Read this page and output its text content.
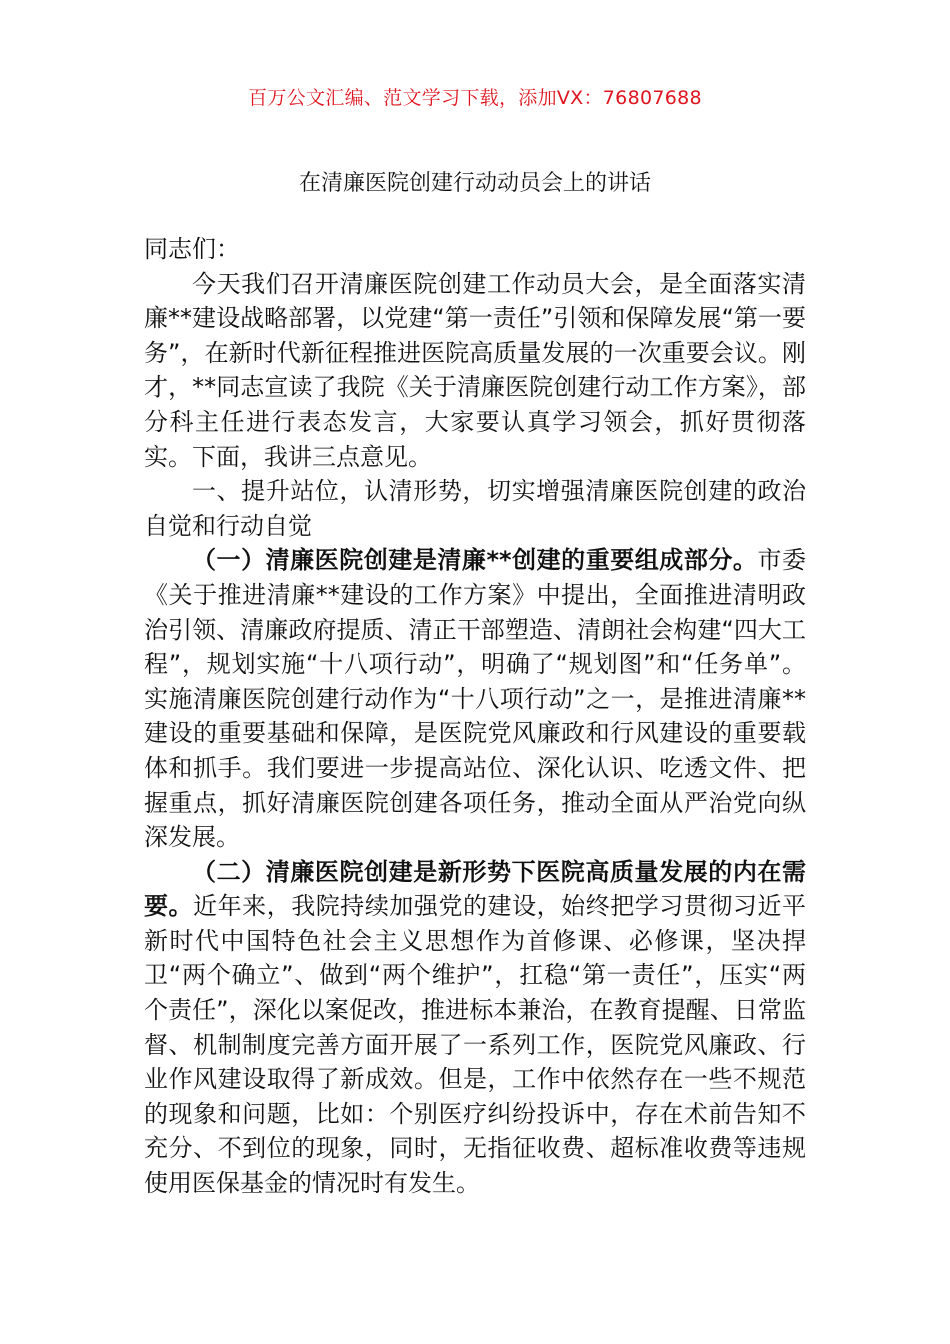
百万公文汇编、范文学习下载，添加VX：76807688
在清廉医院创建行动动员会上的讲话

同志们：

今天我们召开清廉医院创建工作动员大会，是全面落实清廉**建设战略部署，以党建“第一责任”引领和保障发展“第一要务”，在新时代新征程推进医院高质量发展的一次重要会议。刚才，**同志宣读了我院《关于清廉医院创建行动工作方案》，部分科主任进行表态发言，大家要认真学习领会，抓好贯彻落实。下面，我讲三点意见。

一、提升站位，认清形势，切实增强清廉医院创建的政治自觉和行动自觉

（一）清廉医院创建是清廉**创建的重要组成部分。市委《关于推进清廉**建设的工作方案》中提出，全面推进清明政治引领、清廉政府提质、清正干部塑造、清朗社会构建“四大工程”，规划实施“十八项行动”，明确了“规划图”和“任务单”。实施清廉医院创建行动作为“十八项行动”之一，是推进清廉**建设的重要基础和保障，是医院党风廉政和行风建设的重要载体和抓手。我们要进一步提高站位、深化认识、吃透文件、把握重点，抓好清廉医院创建各项任务，推动全面从严治党向纵深发展。

（二）清廉医院创建是新形势下医院高质量发展的内在需要。近年来，我院持续加强党的建设，始终把学习贯彻习近平新时代中国特色社会主义思想作为首修课、必修课，坚决捍卫“两个确立”、做到“两个维护”，扛稳“第一责任”，压实“两个责任”，深化以案促改，推进标本兼治，在教育提醒、日常监督、机制制度完善方面开展了一系列工作，医院党风廉政、行业作风建设取得了新成效。但是，工作中依然存在一些不规范的现象和问题，比如：个别医疗纠纷投诉中，存在术前告知不充分、不到位的现象，同时，无指征收费、超标准收费等违规使用医保基金的情况时有发生。
